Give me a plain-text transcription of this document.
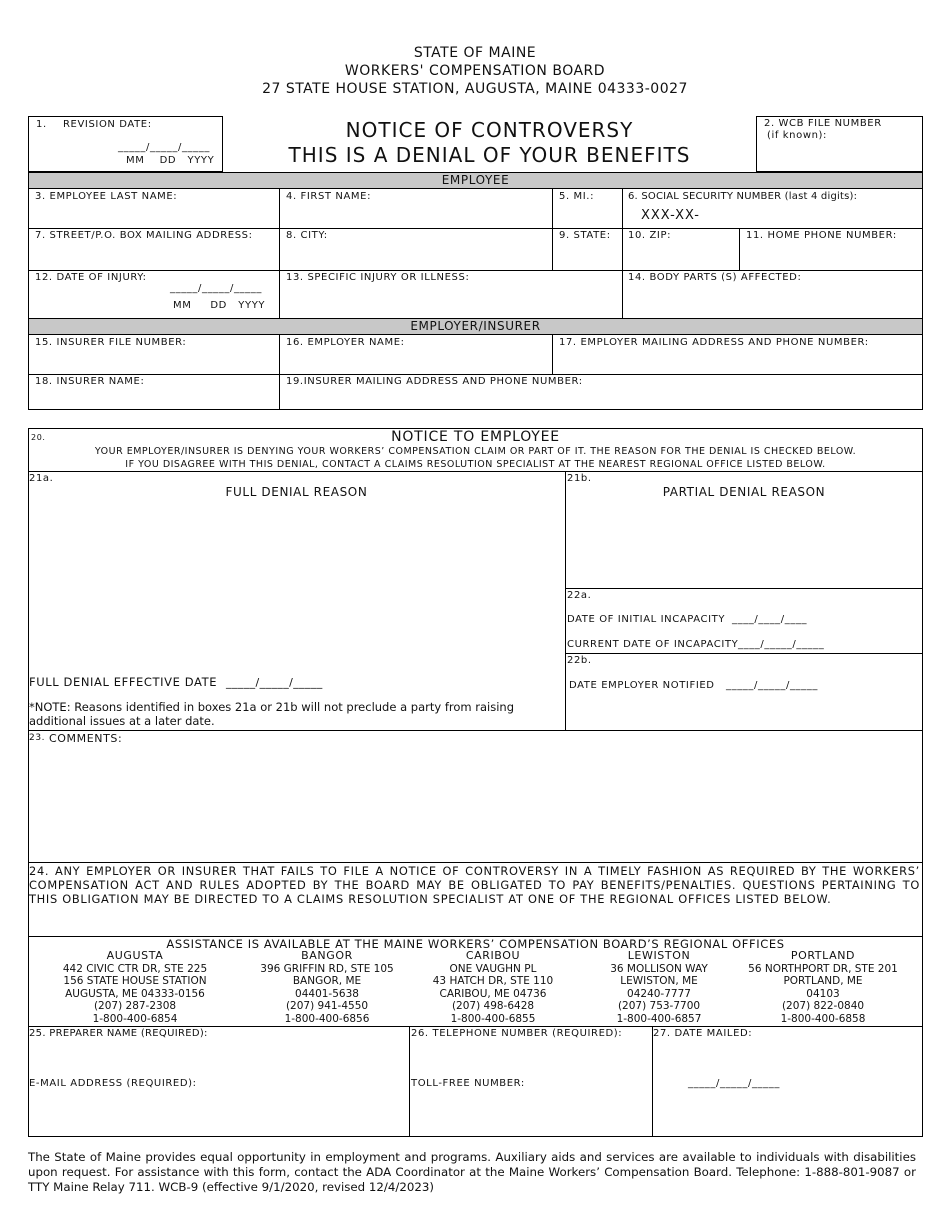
STATE OF MAINE
WORKERS' COMPENSATION BOARD
27 STATE HOUSE STATION, AUGUSTA, MAINE 04333-0027
1. REVISION DATE:
_____/_____/_____
MM    DD   YYYY
NOTICE OF CONTROVERSY
THIS IS A DENIAL OF YOUR BENEFITS
2. WCB FILE NUMBER
(if known):
EMPLOYEE
3. EMPLOYEE LAST NAME:	4. FIRST NAME:	5. MI.:	6. SOCIAL SECURITY NUMBER (last 4 digits):
XXX-XX-
7. STREET/P.O. BOX MAILING ADDRESS:	8. CITY:	9. STATE: 10. ZIP:	11. HOME PHONE NUMBER:
12. DATE OF INJURY:
_____/_____/_____
MM     DD   YYYY
13. SPECIFIC INJURY OR ILLNESS:	14. BODY PARTS (S) AFFECTED:
EMPLOYER/INSURER
15. INSURER FILE NUMBER:	16. EMPLOYER NAME:	17. EMPLOYER MAILING ADDRESS AND PHONE NUMBER:
18. INSURER NAME:	19.INSURER MAILING ADDRESS AND PHONE NUMBER:
20.	NOTICE TO EMPLOYEE
YOUR EMPLOYER/INSURER IS DENYING YOUR WORKERS’ COMPENSATION CLAIM OR PART OF IT. THE REASON FOR THE DENIAL IS CHECKED BELOW.
IF YOU DISAGREE WITH THIS DENIAL, CONTACT A CLAIMS RESOLUTION SPECIALIST AT THE NEAREST REGIONAL OFFICE LISTED BELOW.
21a.
FULL DENIAL REASON
FULL DENIAL EFFECTIVE DATE _____/_____/_____
*NOTE: Reasons identified in boxes 21a or 21b will not preclude a party from raising additional issues at a later date.
21b.
PARTIAL DENIAL REASON
22a.
DATE OF INITIAL INCAPACITY ____/____/____
CURRENT DATE OF INCAPACITY ____/_____/_____
22b.
DATE EMPLOYER NOTIFIED _____/_____/_____
23. COMMENTS:
24. ANY EMPLOYER OR INSURER THAT FAILS TO FILE A NOTICE OF CONTROVERSY IN A TIMELY FASHION AS REQUIRED BY THE WORKERS’ COMPENSATION ACT AND RULES ADOPTED BY THE BOARD MAY BE OBLIGATED TO PAY BENEFITS/PENALTIES. QUESTIONS PERTAINING TO THIS OBLIGATION MAY BE DIRECTED TO A CLAIMS RESOLUTION SPECIALIST AT ONE OF THE REGIONAL OFFICES LISTED BELOW.
ASSISTANCE IS AVAILABLE AT THE MAINE WORKERS’ COMPENSATION BOARD’S REGIONAL OFFICES
AUGUSTA
442 CIVIC CTR DR, STE 225
156 STATE HOUSE STATION
AUGUSTA, ME 04333-0156
(207) 287-2308
1-800-400-6854
BANGOR
396 GRIFFIN RD, STE 105
BANGOR, ME
04401-5638
(207) 941-4550
1-800-400-6856
CARIBOU
ONE VAUGHN PL
43 HATCH DR, STE 110
CARIBOU, ME 04736
(207) 498-6428
1-800-400-6855
LEWISTON
36 MOLLISON WAY
LEWISTON, ME
04240-7777
(207) 753-7700
1-800-400-6857
PORTLAND
56 NORTHPORT DR, STE 201
PORTLAND, ME
04103
(207) 822-0840
1-800-400-6858
25. PREPARER NAME (REQUIRED):
E-MAIL ADDRESS (REQUIRED):
26. TELEPHONE NUMBER (REQUIRED):
TOLL-FREE NUMBER:
27. DATE MAILED:
_____/_____/_____
The State of Maine provides equal opportunity in employment and programs. Auxiliary aids and services are available to individuals with disabilities upon request. For assistance with this form, contact the ADA Coordinator at the Maine Workers’ Compensation Board. Telephone: 1-888-801-9087 or TTY Maine Relay 711. WCB-9 (effective 9/1/2020, revised 12/4/2023)
